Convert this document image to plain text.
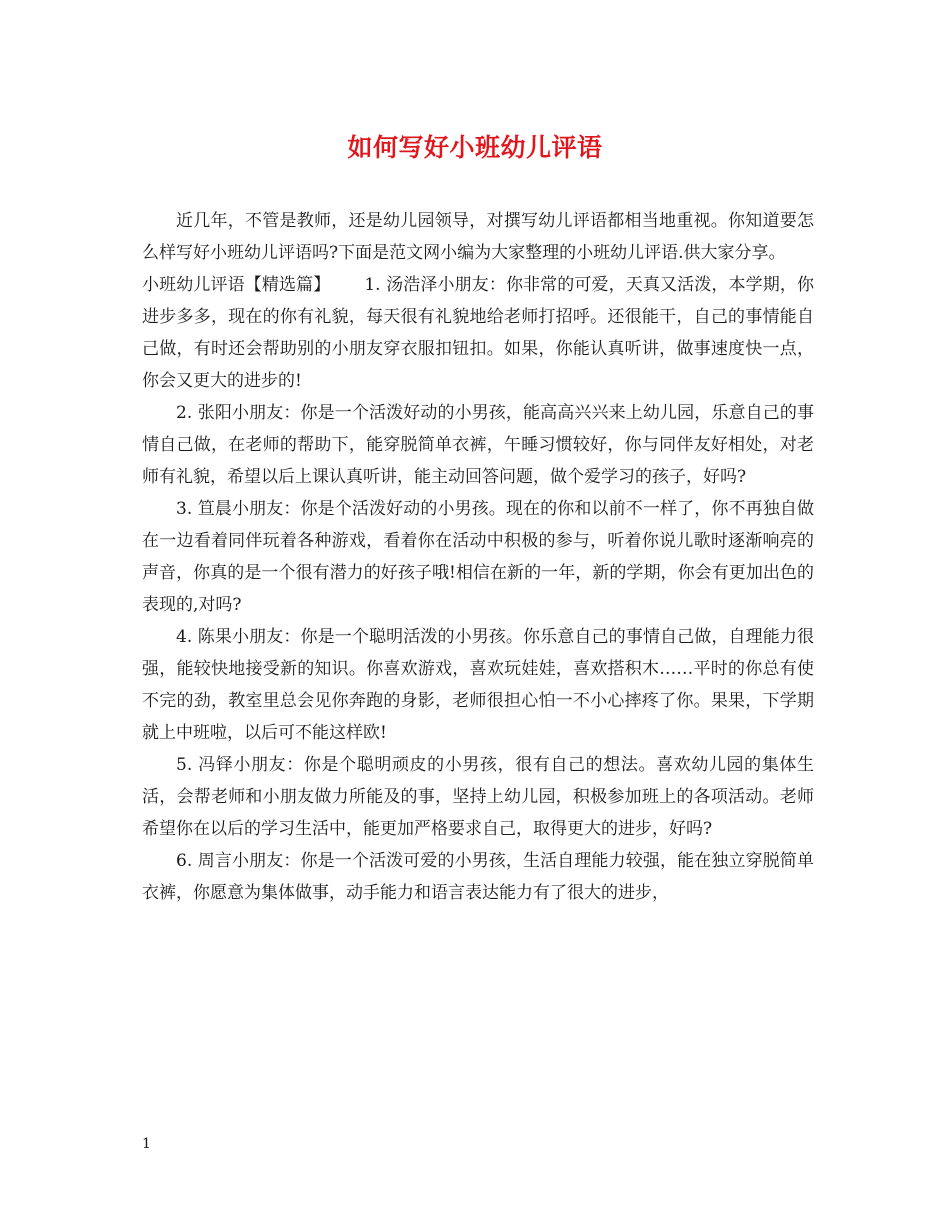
如何写好小班幼儿评语

近几年，不管是教师，还是幼儿园领导，对撰写幼儿评语都相当地重视。你知道要怎么样写好小班幼儿评语吗?下面是范文网小编为大家整理的小班幼儿评语.供大家分享。

小班幼儿评语【精选篇】 1. 汤浩泽小朋友：你非常的可爱，天真又活泼，本学期，你进步多多，现在的你有礼貌，每天很有礼貌地给老师打招呼。还很能干，自己的事情能自己做，有时还会帮助别的小朋友穿衣服扣钮扣。如果，你能认真听讲，做事速度快一点，你会又更大的进步的!

2. 张阳小朋友：你是一个活泼好动的小男孩，能高高兴兴来上幼儿园，乐意自己的事情自己做，在老师的帮助下，能穿脱简单衣裤，午睡习惯较好，你与同伴友好相处，对老师有礼貌，希望以后上课认真听讲，能主动回答问题，做个爱学习的孩子，好吗?

3. 笪晨小朋友：你是个活泼好动的小男孩。现在的你和以前不一样了，你不再独自做在一边看着同伴玩着各种游戏，看着你在活动中积极的参与，听着你说儿歌时逐渐响亮的声音，你真的是一个很有潜力的好孩子哦!相信在新的一年，新的学期，你会有更加出色的表现的,对吗?

4. 陈果小朋友：你是一个聪明活泼的小男孩。你乐意自己的事情自己做，自理能力很强，能较快地接受新的知识。你喜欢游戏，喜欢玩娃娃，喜欢搭积木……平时的你总有使不完的劲，教室里总会见你奔跑的身影，老师很担心怕一不小心摔疼了你。果果，下学期就上中班啦，以后可不能这样欧!

5. 冯铎小朋友：你是个聪明顽皮的小男孩，很有自己的想法。喜欢幼儿园的集体生活，会帮老师和小朋友做力所能及的事，坚持上幼儿园，积极参加班上的各项活动。老师希望你在以后的学习生活中，能更加严格要求自己，取得更大的进步，好吗?

6. 周言小朋友：你是一个活泼可爱的小男孩，生活自理能力较强，能在独立穿脱简单衣裤，你愿意为集体做事，动手能力和语言表达能力有了很大的进步，

1
